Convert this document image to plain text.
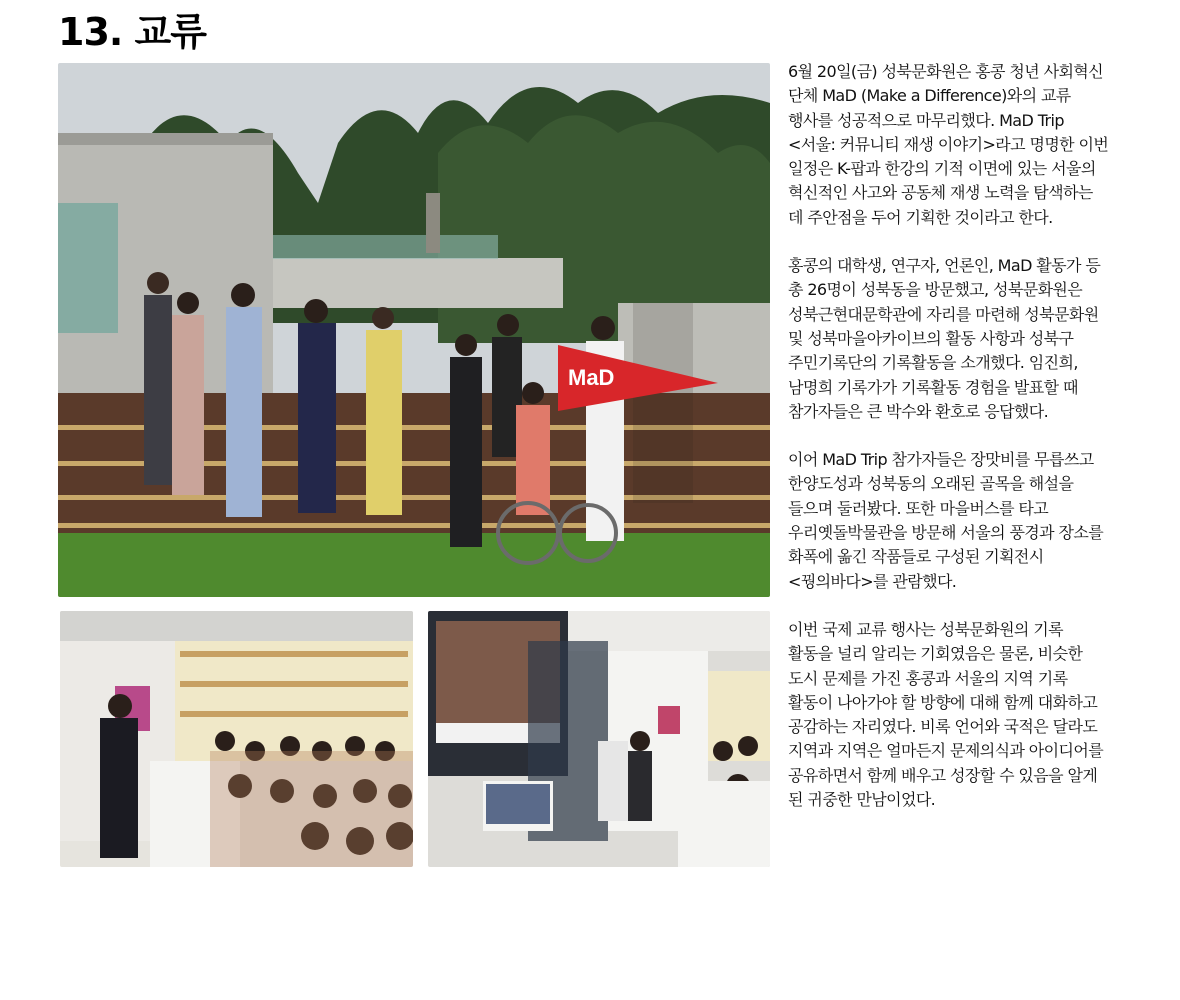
13. 교류
MaD

6월 20일(금) 성북문화원은 홍콩 청년 사회혁신
단체 MaD (Make a Difference)와의 교류
행사를 성공적으로 마무리했다. MaD Trip
<서울: 커뮤니티 재생 이야기>라고 명명한 이번
일정은 K-팝과 한강의 기적 이면에 있는 서울의
혁신적인 사고와 공동체 재생 노력을 탐색하는
데 주안점을 두어 기획한 것이라고 한다.

홍콩의 대학생, 연구자, 언론인, MaD 활동가 등
총 26명이 성북동을 방문했고, 성북문화원은
성북근현대문학관에 자리를 마련해 성북문화원
및 성북마을아카이브의 활동 사항과 성북구
주민기록단의 기록활동을 소개했다. 임진희,
남명희 기록가가 기록활동 경험을 발표할 때
참가자들은 큰 박수와 환호로 응답했다.

이어 MaD Trip 참가자들은 장맛비를 무릅쓰고
한양도성과 성북동의 오래된 골목을 해설을
들으며 둘러봤다. 또한 마을버스를 타고
우리옛돌박물관을 방문해 서울의 풍경과 장소를
화폭에 옮긴 작품들로 구성된 기획전시
<꿩의바다>를 관람했다.

이번 국제 교류 행사는 성북문화원의 기록
활동을 널리 알리는 기회였음은 물론, 비슷한
도시 문제를 가진 홍콩과 서울의 지역 기록
활동이 나아가야 할 방향에 대해 함께 대화하고
공감하는 자리였다. 비록 언어와 국적은 달라도
지역과 지역은 얼마든지 문제의식과 아이디어를
공유하면서 함께 배우고 성장할 수 있음을 알게
된 귀중한 만남이었다.
